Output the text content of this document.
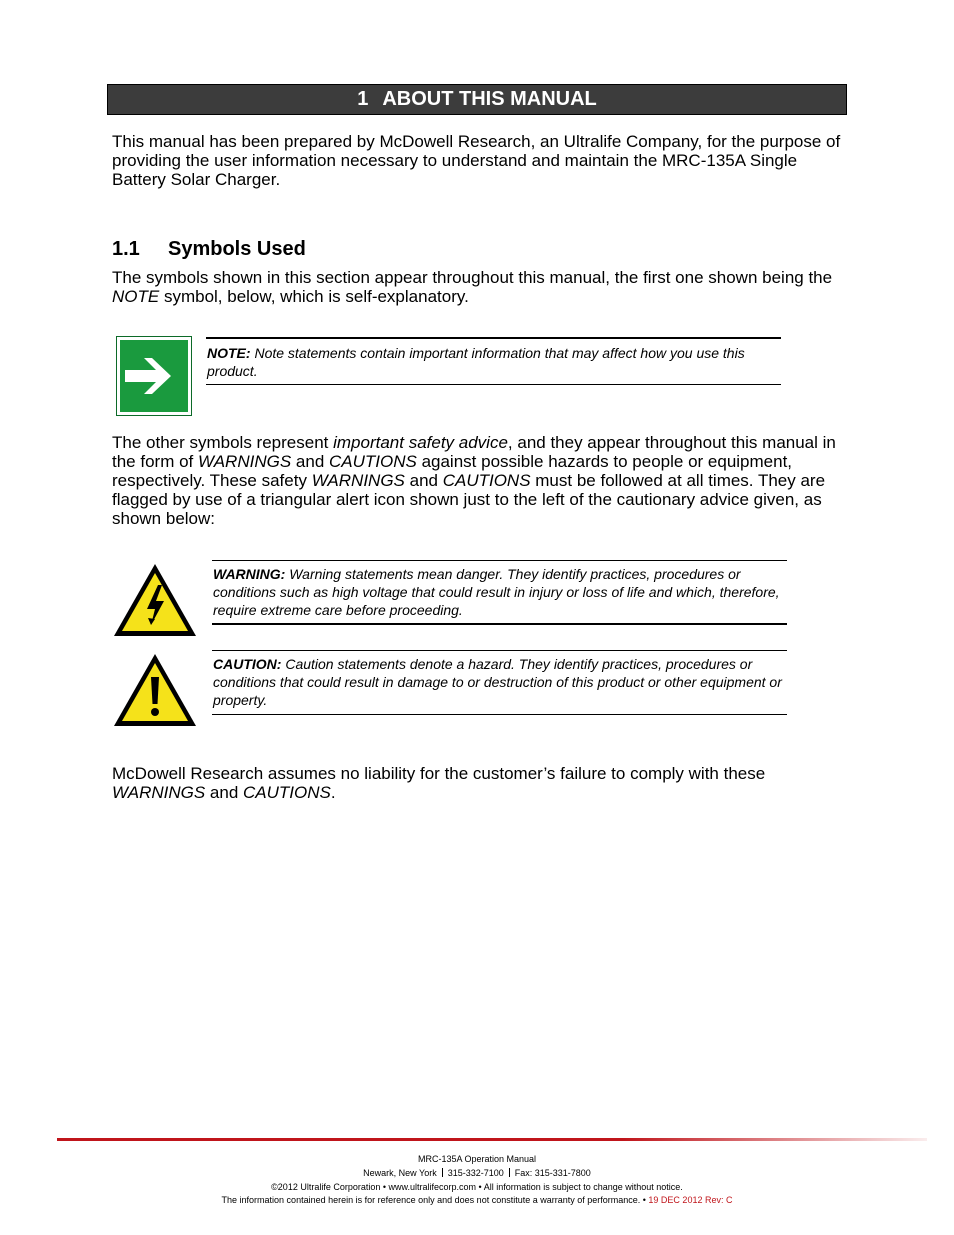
1 ABOUT THIS MANUAL

This manual has been prepared by McDowell Research, an Ultralife Company, for the purpose of providing the user information necessary to understand and maintain the MRC-135A Single Battery Solar Charger.

1.1 Symbols Used

The symbols shown in this section appear throughout this manual, the first one shown being the NOTE symbol, below, which is self-explanatory.

NOTE: Note statements contain important information that may affect how you use this product.

The other symbols represent important safety advice, and they appear throughout this manual in the form of WARNINGS and CAUTIONS against possible hazards to people or equipment, respectively. These safety WARNINGS and CAUTIONS must be followed at all times. They are flagged by use of a triangular alert icon shown just to the left of the cautionary advice given, as shown below:

WARNING: Warning statements mean danger. They identify practices, procedures or conditions such as high voltage that could result in injury or loss of life and which, therefore, require extreme care before proceeding.
CAUTION: Caution statements denote a hazard. They identify practices, procedures or conditions that could result in damage to or destruction of this product or other equipment or property.

McDowell Research assumes no liability for the customer’s failure to comply with these WARNINGS and CAUTIONS.

MRC-135A Operation Manual
Newark, New York 315-332-7100 Fax: 315-331-7800
©2012 Ultralife Corporation • www.ultralifecorp.com • All information is subject to change without notice.
The information contained herein is for reference only and does not constitute a warranty of performance. • 19 DEC 2012 Rev: C
